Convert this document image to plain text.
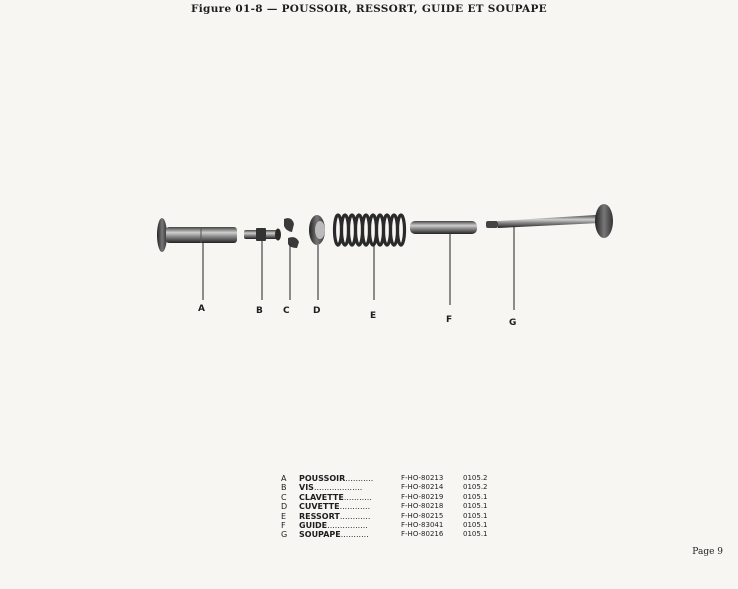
Figure 01-8 — POUSSOIR, RESSORT, GUIDE ET SOUPAPE
A	B C	D	E	F	G
A	POUSSOIR...........	F-HO-80213	0105.2
B	VIS...................	F-HO-80214	0105.2
C	CLAVETTE...........	F-HO-80219	0105.1
D	CUVETTE............	F-HO-80218	0105.1
E	RESSORT............	F-HO-80215	0105.1
F	GUIDE................	F-HO-83041	0105.1
G	SOUPAPE...........	F-HO-80216	0105.1
Page 9
